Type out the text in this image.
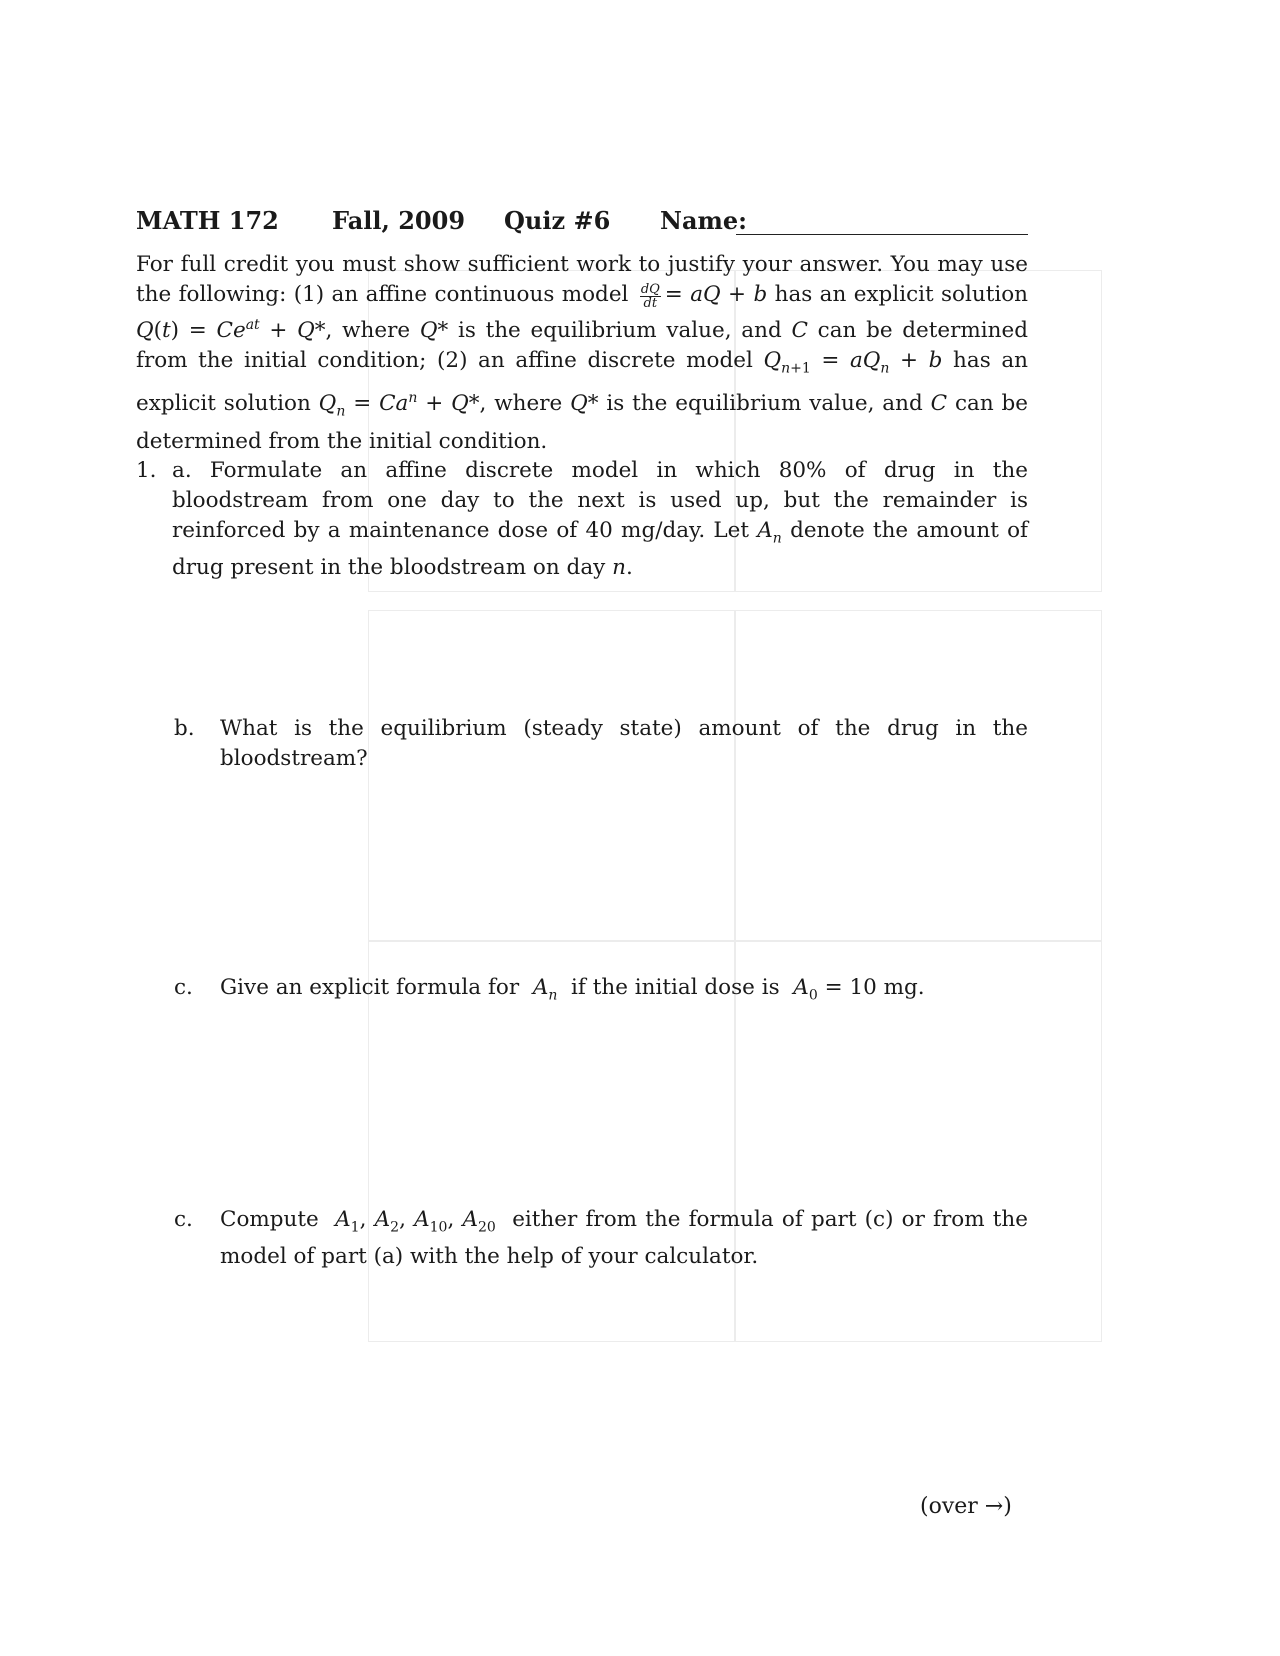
MATH 172 Fall, 2009 Quiz #6 Name:

For full credit you must show sufficient work to justify your answer. You may use the following: (1) an affine continuous model $\frac{dQ}{dt}$ = aQ + b has an explicit solution $Q(t) = Ce^{at} + Q*$, where Q* is the equilibrium value, and C can be determined from the initial condition; (2) an affine discrete model $Q_{n+1} = aQ_n + b$ has an explicit solution $Q_n = Ca^n + Q*$, where Q* is the equilibrium value, and C can be determined from the initial condition.

1. a. Formulate an affine discrete model in which 80% of drug in the bloodstream from one day to the next is used up, but the remainder is reinforced by a maintenance dose of 40 mg/day. Let $A_n$ denote the amount of drug present in the bloodstream on day n.

b. What is the equilibrium (steady state) amount of the drug in the bloodstream?

c. Give an explicit formula for $A_n$ if the initial dose is $A_0 = 10$ mg.

c. Compute $A_1$, $A_2$, $A_{10}$, $A_{20}$ either from the formula of part (c) or from the model of part (a) with the help of your calculator.

(over →)
